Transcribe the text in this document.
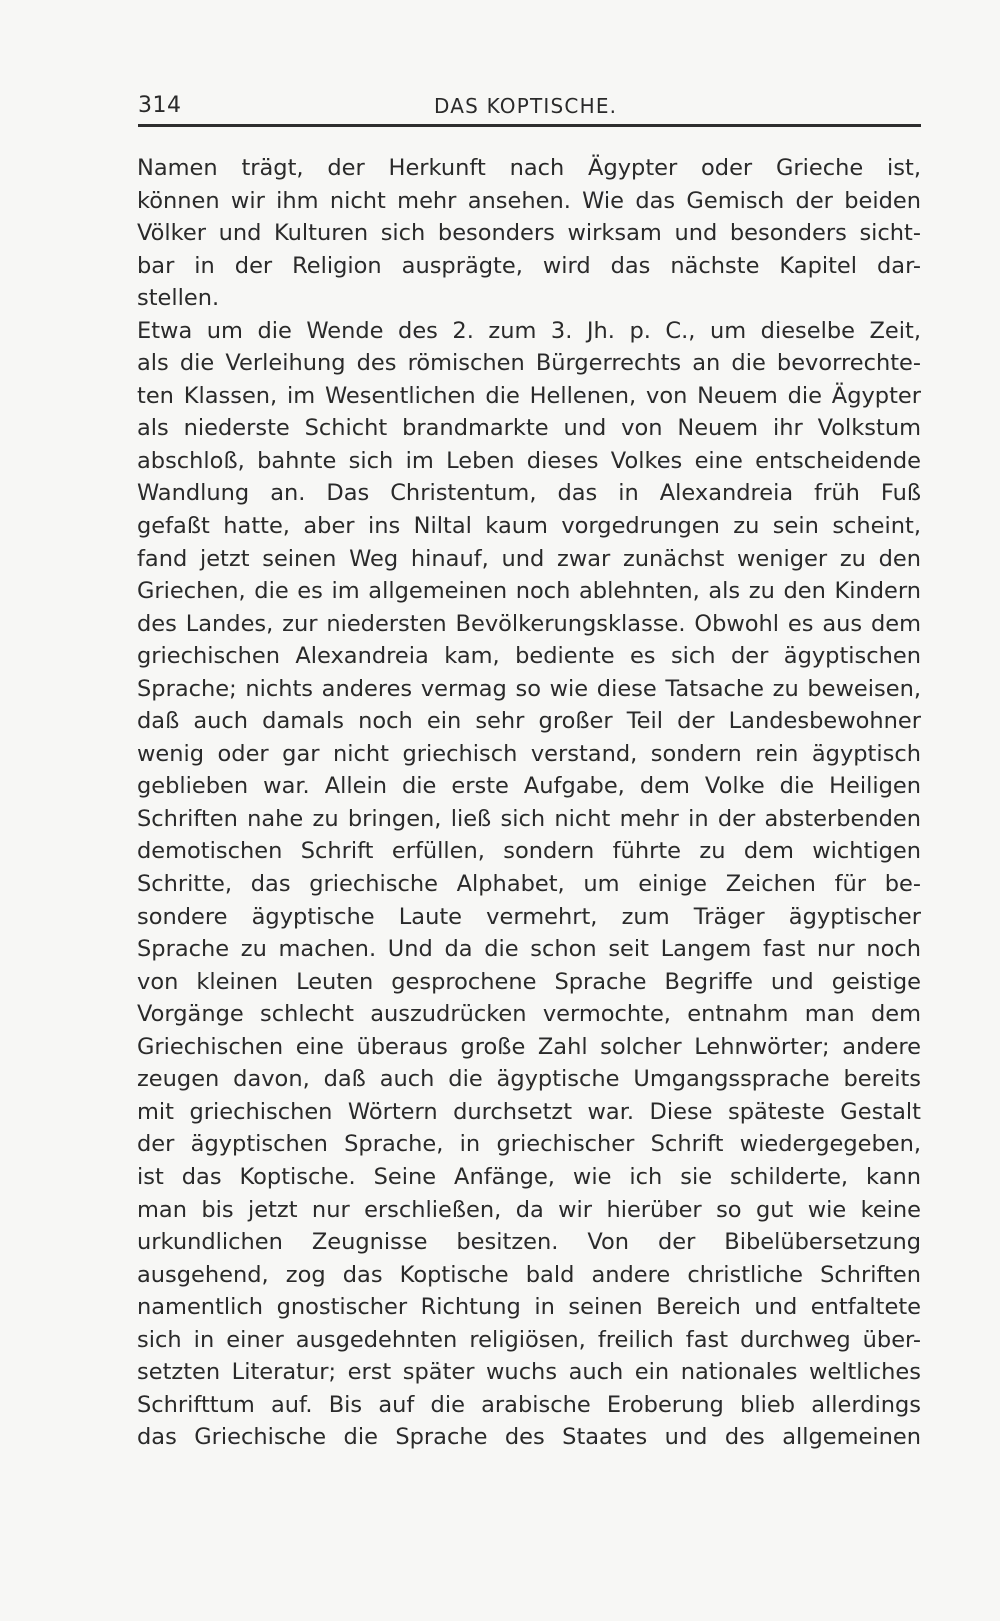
314	DAS KOPTISCHE.
Namen trägt, der Herkunft nach Ägypter oder Grieche ist,
können wir ihm nicht mehr ansehen. Wie das Gemisch der beiden
Völker und Kulturen sich besonders wirksam und besonders sicht-
bar in der Religion ausprägte, wird das nächste Kapitel dar-
stellen.
Etwa um die Wende des 2. zum 3. Jh. p. C., um dieselbe Zeit,
als die Verleihung des römischen Bürgerrechts an die bevorrechte-
ten Klassen, im Wesentlichen die Hellenen, von Neuem die Ägypter
als niederste Schicht brandmarkte und von Neuem ihr Volkstum
abschloß, bahnte sich im Leben dieses Volkes eine entscheidende
Wandlung an. Das Christentum, das in Alexandreia früh Fuß
gefaßt hatte, aber ins Niltal kaum vorgedrungen zu sein scheint,
fand jetzt seinen Weg hinauf, und zwar zunächst weniger zu den
Griechen, die es im allgemeinen noch ablehnten, als zu den Kindern
des Landes, zur niedersten Bevölkerungsklasse. Obwohl es aus dem
griechischen Alexandreia kam, bediente es sich der ägyptischen
Sprache; nichts anderes vermag so wie diese Tatsache zu beweisen,
daß auch damals noch ein sehr großer Teil der Landesbewohner
wenig oder gar nicht griechisch verstand, sondern rein ägyptisch
geblieben war. Allein die erste Aufgabe, dem Volke die Heiligen
Schriften nahe zu bringen, ließ sich nicht mehr in der absterbenden
demotischen Schrift erfüllen, sondern führte zu dem wichtigen
Schritte, das griechische Alphabet, um einige Zeichen für be-
sondere ägyptische Laute vermehrt, zum Träger ägyptischer
Sprache zu machen. Und da die schon seit Langem fast nur noch
von kleinen Leuten gesprochene Sprache Begriffe und geistige
Vorgänge schlecht auszudrücken vermochte, entnahm man dem
Griechischen eine überaus große Zahl solcher Lehnwörter; andere
zeugen davon, daß auch die ägyptische Umgangssprache bereits
mit griechischen Wörtern durchsetzt war. Diese späteste Gestalt
der ägyptischen Sprache, in griechischer Schrift wiedergegeben,
ist das Koptische. Seine Anfänge, wie ich sie schilderte, kann
man bis jetzt nur erschließen, da wir hierüber so gut wie keine
urkundlichen Zeugnisse besitzen. Von der Bibelübersetzung
ausgehend, zog das Koptische bald andere christliche Schriften
namentlich gnostischer Richtung in seinen Bereich und entfaltete
sich in einer ausgedehnten religiösen, freilich fast durchweg über-
setzten Literatur; erst später wuchs auch ein nationales weltliches
Schrifttum auf. Bis auf die arabische Eroberung blieb allerdings
das Griechische die Sprache des Staates und des allgemeinen
